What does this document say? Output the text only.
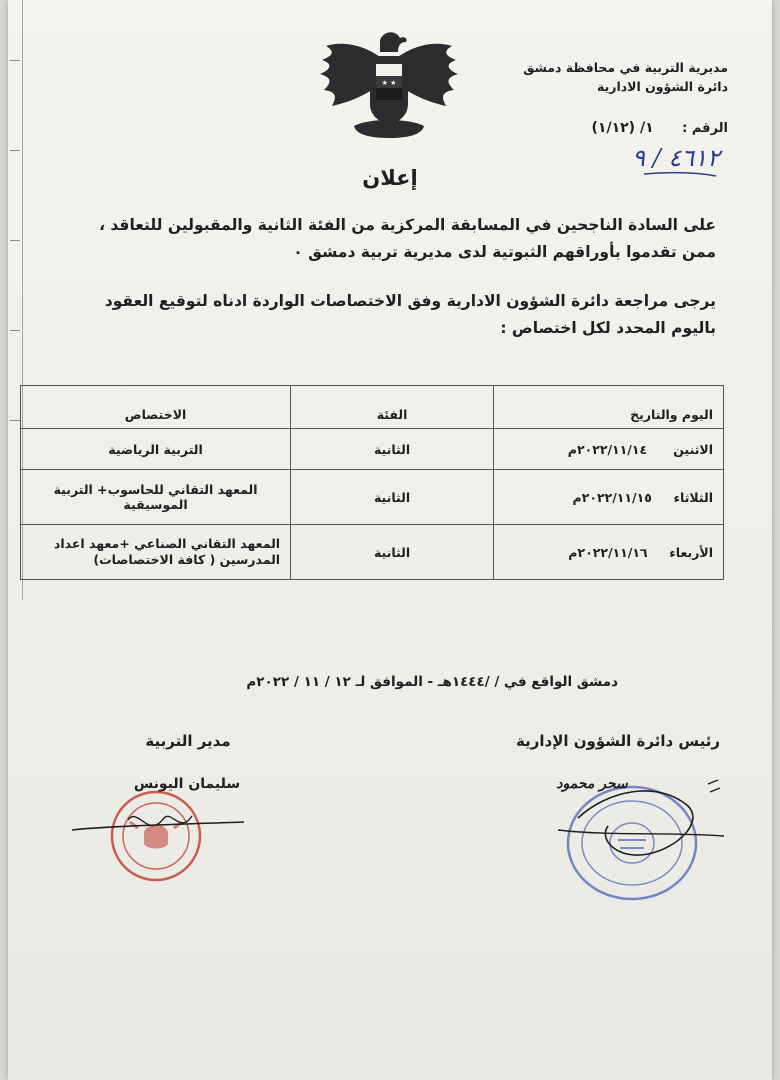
★ ★
مديرية التربية في محافظة دمشق
دائرة الشؤون الادارية
الرقم : ١/ (١/١٢)
٤٦١٢ / ٩
إعلان
على السادة الناجحين في المسابقة المركزية من الفئة الثانية والمقبولين للتعاقد ، ممن تقدموا بأوراقهم الثبوتية لدى مديرية تربية دمشق ٠
يرجى مراجعة دائرة الشؤون الادارية وفق الاختصاصات الواردة ادناه لتوقيع العقود باليوم المحدد لكل اختصاص :
اليوم والتاريخ	الفئة	الاختصاص
الاثنين      ٢٠٢٢/١١/١٤م	الثانية	التربية الرياضية
الثلاثاء     ٢٠٢٢/١١/١٥م	الثانية	المعهد التقاني للحاسوب+ التربية الموسيقية
الأربعاء     ٢٠٢٢/١١/١٦م	الثانية	المعهد التقاني الصناعي +معهد اعداد المدرسين ( كافة الاختصاصات)
دمشق الواقع في / /١٤٤٤هـ - الموافق لـ ١٢ / ١١ / ٢٠٢٢م
رئيس دائرة الشؤون الإدارية
مدير التربية
سحر محمود
سليمان اليونس
